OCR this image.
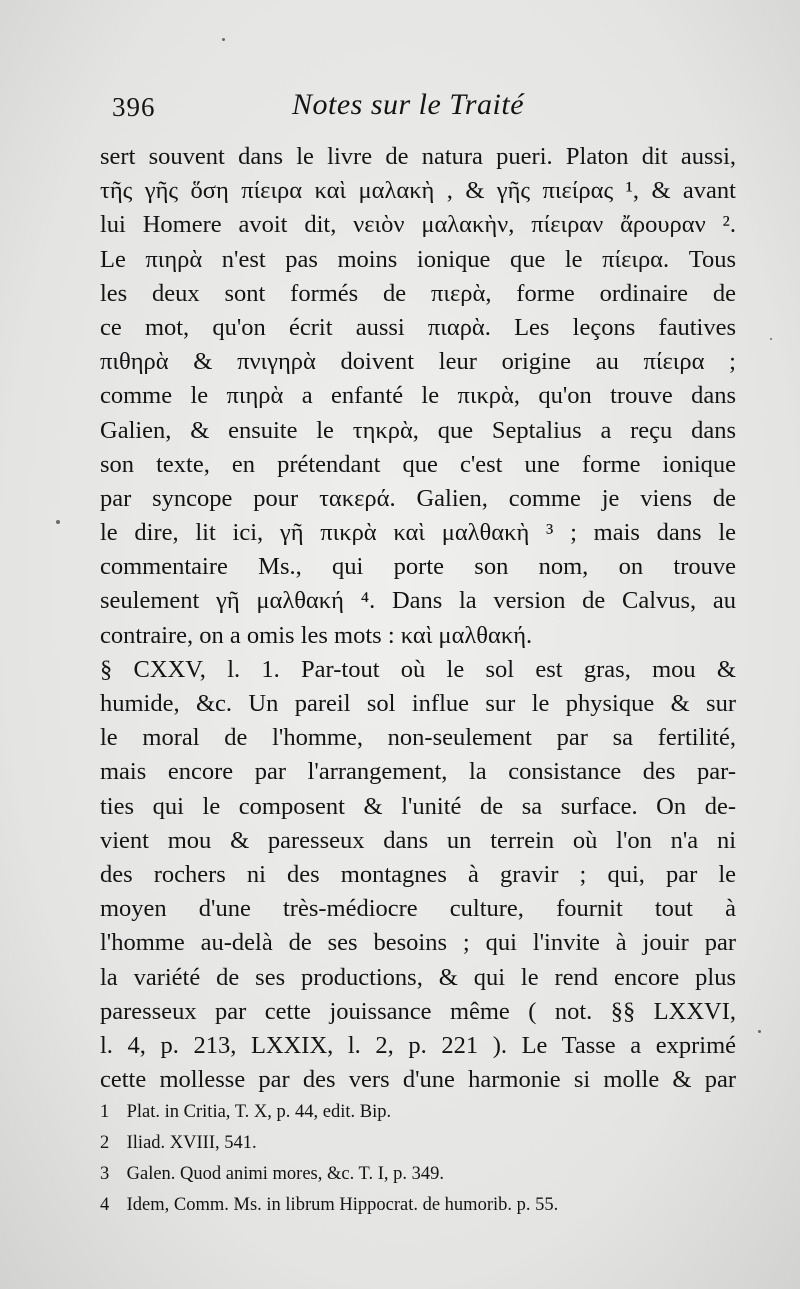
396	Notes sur le Traité
sert souvent dans le livre de natura pueri. Platon dit aussi,
τῆς γῆς ὅση πίειρα καὶ μαλακὴ , & γῆς πιείρας ¹, & avant
lui Homere avoit dit, νειὸν μαλακὴν, πίειραν ἄρουραν ².
Le πιηρὰ n'est pas moins ionique que le πίειρα. Tous
les deux sont formés de πιερὰ, forme ordinaire de
ce mot, qu'on écrit aussi πιαρὰ. Les leçons fautives
πιθηρὰ & πνιγηρὰ doivent leur origine au πίειρα ;
comme le πιηρὰ a enfanté le πικρὰ, qu'on trouve dans
Galien, & ensuite le τηκρὰ, que Septalius a reçu dans
son texte, en prétendant que c'est une forme ionique
par syncope pour τακερά. Galien, comme je viens de
le dire, lit ici, γῆ πικρὰ καὶ μαλθακὴ ³ ; mais dans le
commentaire Ms., qui porte son nom, on trouve
seulement γῆ μαλθακή ⁴. Dans la version de Calvus, au
contraire, on a omis les mots : καὶ μαλθακή.
§ CXXV, l. 1. Par-tout où le sol est gras, mou &
humide, &c. Un pareil sol influe sur le physique & sur
le moral de l'homme, non-seulement par sa fertilité,
mais encore par l'arrangement, la consistance des par-
ties qui le composent & l'unité de sa surface. On de-
vient mou & paresseux dans un terrein où l'on n'a ni
des rochers ni des montagnes à gravir ; qui, par le
moyen d'une très-médiocre culture, fournit tout à
l'homme au-delà de ses besoins ; qui l'invite à jouir par
la variété de ses productions, & qui le rend encore plus
paresseux par cette jouissance même ( not. §§ LXXVI,
l. 4, p. 213, LXXIX, l. 2, p. 221 ). Le Tasse a exprimé
cette mollesse par des vers d'une harmonie si molle & par
1 Plat. in Critia, T. X, p. 44, edit. Bip.
2 Iliad. XVIII, 541.
3 Galen. Quod animi mores, &c. T. I, p. 349.
4 Idem, Comm. Ms. in librum Hippocrat. de humorib. p. 55.
